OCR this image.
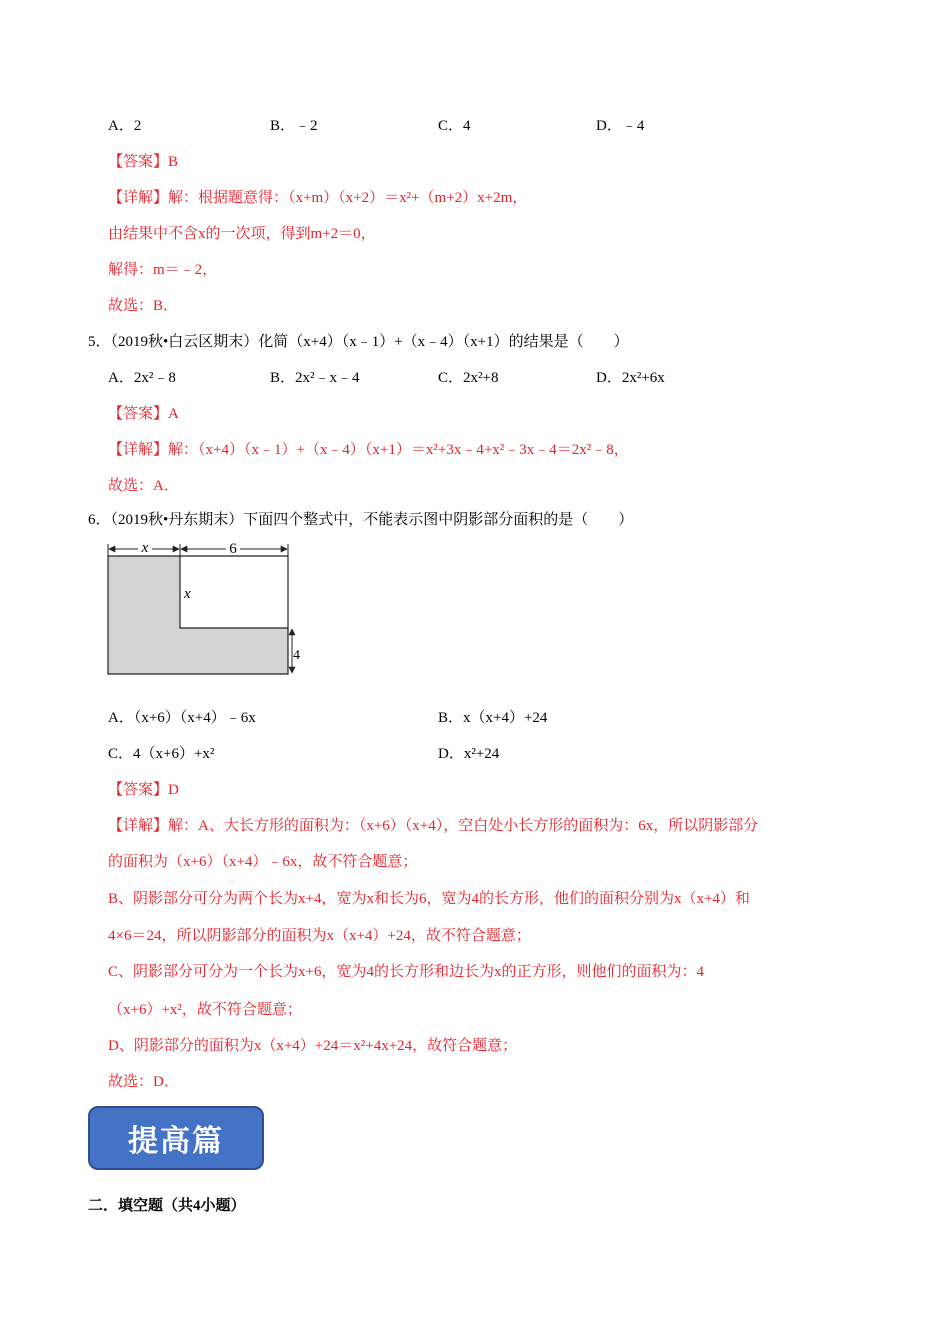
A．2	B．﹣2	C．4	D．﹣4
【答案】B
【详解】解：根据题意得：（x+m）（x+2）＝x²+（m+2）x+2m，
由结果中不含x的一次项，得到m+2＝0，
解得：m＝﹣2，
故选：B．
5．（2019秋•白云区期末）化简（x+4）（x﹣1）+（x﹣4）（x+1）的结果是（　　）
A．2x²﹣8	B．2x²﹣x﹣4	C．2x²+8	D．2x²+6x
【答案】A
【详解】解：（x+4）（x﹣1）+（x﹣4）（x+1）＝x²+3x﹣4+x²﹣3x﹣4＝2x²﹣8，
故选：A．
6．（2019秋•丹东期末）下面四个整式中，不能表示图中阴影部分面积的是（　　）
x	6
x
4
A．（x+6）（x+4）﹣6x	B．x（x+4）+24
C．4（x+6）+x²	D．x²+24
【答案】D
【详解】解：A、大长方形的面积为：（x+6）（x+4），空白处小长方形的面积为：6x，所以阴影部分
的面积为（x+6）（x+4）﹣6x，故不符合题意；
B、阴影部分可分为两个长为x+4，宽为x和长为6，宽为4的长方形，他们的面积分别为x（x+4）和
4×6＝24，所以阴影部分的面积为x（x+4）+24，故不符合题意；
C、阴影部分可分为一个长为x+6，宽为4的长方形和边长为x的正方形，则他们的面积为：4
（x+6）+x²，故不符合题意；
D、阴影部分的面积为x（x+4）+24＝x²+4x+24，故符合题意；
故选：D．
提高篇
二．填空题（共4小题）
